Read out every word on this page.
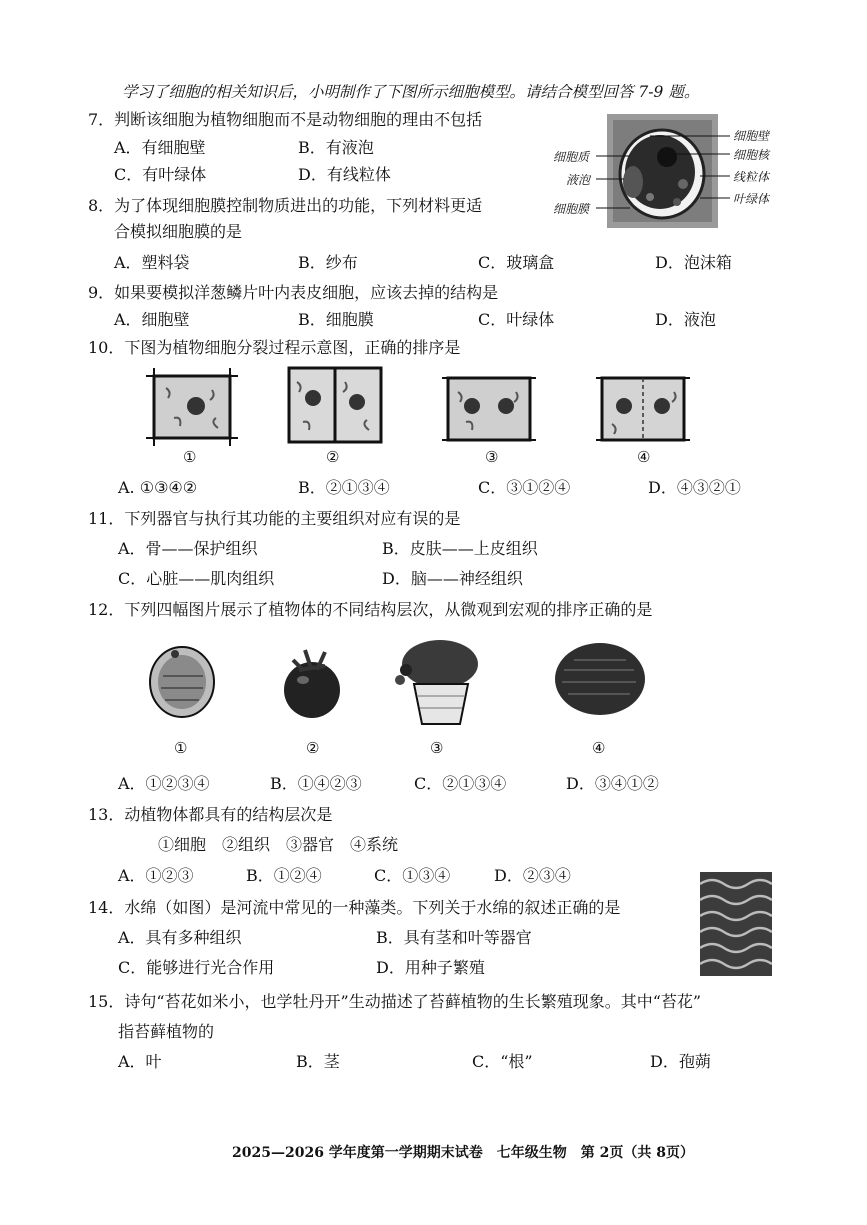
学习了细胞的相关知识后，小明制作了下图所示细胞模型。请结合模型回答 7-9 题。
7．判断该细胞为植物细胞而不是动物细胞的理由不包括
A．有细胞壁	B．有液泡
C．有叶绿体	D．有线粒体
细胞壁
细胞核
线粒体
叶绿体
细胞质
液泡
细胞膜
8．为了体现细胞膜控制物质进出的功能，下列材料更适
合模拟细胞膜的是
A．塑料袋	B．纱布	C．玻璃盒	D．泡沫箱
9．如果要模拟洋葱鳞片叶内表皮细胞，应该去掉的结构是
A．细胞壁	B．细胞膜	C．叶绿体	D．液泡
10．下图为植物细胞分裂过程示意图，正确的排序是
①	②	③	④
A. ①③④②	B．②①③④	C．③①②④	D．④③②①
11．下列器官与执行其功能的主要组织对应有误的是
A．骨——保护组织	B．皮肤——上皮组织
C．心脏——肌肉组织	D．脑——神经组织
12．下列四幅图片展示了植物体的不同结构层次，从微观到宏观的排序正确的是
①	②	③	④
A．①②③④	B．①④②③	C．②①③④	D．③④①②
13．动植物体都具有的结构层次是
①细胞　②组织　③器官　④系统
A．①②③	B．①②④	C．①③④	D．②③④
14．水绵（如图）是河流中常见的一种藻类。下列关于水绵的叙述正确的是
A．具有多种组织	B．具有茎和叶等器官
C．能够进行光合作用	D．用种子繁殖
15．诗句“苔花如米小，也学牡丹开”生动描述了苔藓植物的生长繁殖现象。其中“苔花”
指苔藓植物的
A．叶	B．茎	C．“根”	D．孢蒴
2025—2026 学年度第一学期期末试卷　七年级生物　第 2页（共 8页）
